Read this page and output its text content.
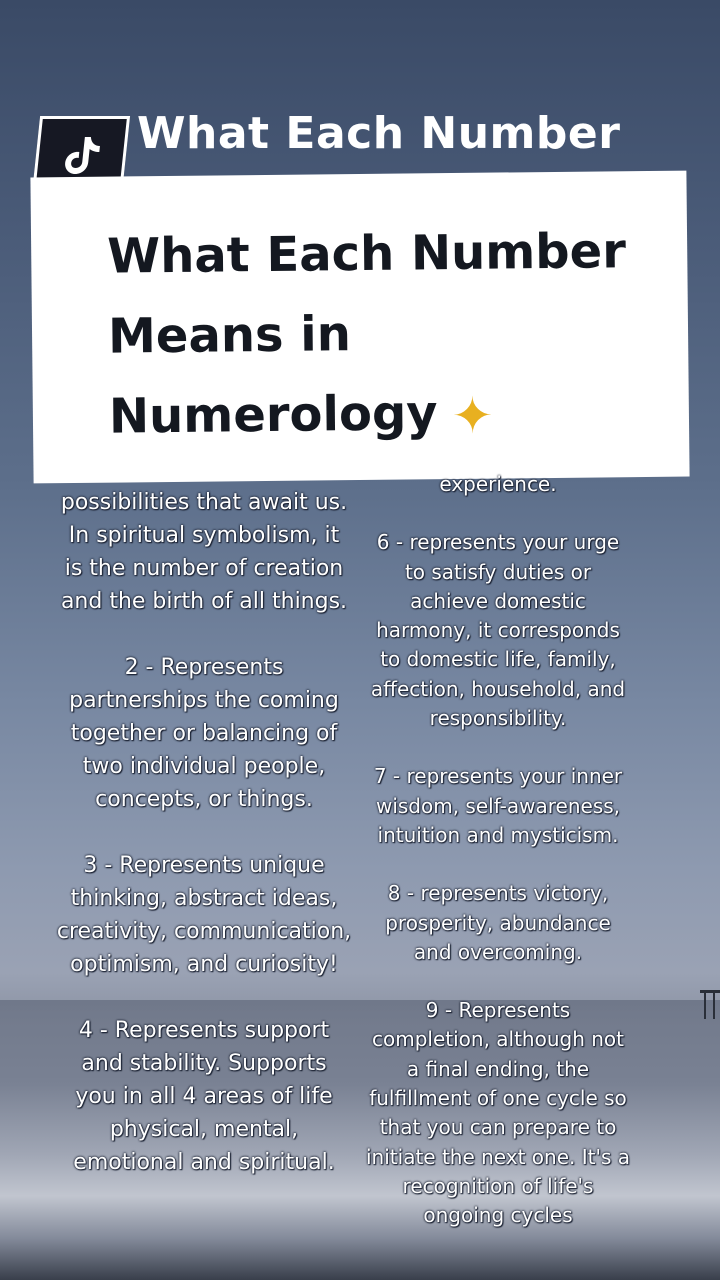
What Each Number
What Each Number
Means in
Numerology ✦

possibilities that await us.
In spiritual symbolism, it
is the number of creation
and the birth of all things.

2 - Represents
partnerships the coming
together or balancing of
two individual people,
concepts, or things.

3 - Represents unique
thinking, abstract ideas,
creativity, communication,
optimism, and curiosity!

4 - Represents support
and stability. Supports
you in all 4 areas of life
physical, mental,
emotional and spiritual.

experience.

6 - represents your urge
to satisfy duties or
achieve domestic
harmony, it corresponds
to domestic life, family,
affection, household, and
responsibility.

7 - represents your inner
wisdom, self-awareness,
intuition and mysticism.

8 - represents victory,
prosperity, abundance
and overcoming.

9 - Represents
completion, although not
a final ending, the
fulfillment of one cycle so
that you can prepare to
initiate the next one. It's a
recognition of life's
ongoing cycles
